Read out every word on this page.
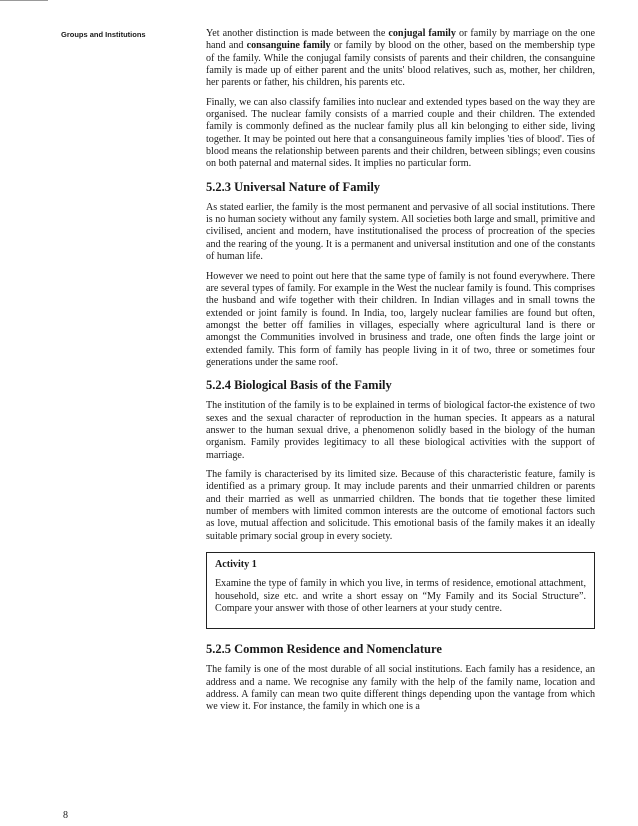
Groups and Institutions	Yet another distinction is made between the conjugal family or family by marriage on the one hand and consanguine family or family by blood on the other, based on the membership type of the family. While the conjugal family consists of parents and their children, the consanguine family is made up of either parent and the units' blood relatives, such as, mother, her children, her parents or father, his children, his parents etc.

Finally, we can also classify families into nuclear and extended types based on the way they are organised. The nuclear family consists of a married couple and their children. The extended family is commonly defined as the nuclear family plus all kin belonging to either side, living together. It may be pointed out here that a consanguineous family implies 'ties of blood'. Ties of blood means the relationship between parents and their children, between siblings; even cousins on both paternal and maternal sides. It implies no particular form.

5.2.3 Universal Nature of Family

As stated earlier, the family is the most permanent and pervasive of all social institutions. There is no human society without any family system. All societies both large and small, primitive and civilised, ancient and modern, have institutionalised the process of procreation of the species and the rearing of the young. It is a permanent and universal institution and one of the constants of human life.

However we need to point out here that the same type of family is not found everywhere. There are several types of family. For example in the West the nuclear family is found. This comprises the husband and wife together with their children. In Indian villages and in small towns the extended or joint family is found. In India, too, largely nuclear families are found but often, amongst the better off families in villages, especially where agricultural land is there or amongst the Communities involved in brusiness and trade, one often finds the large joint or extended family. This form of family has people living in it of two, three or sometimes four generations under the same roof.

5.2.4 Biological Basis of the Family

The institution of the family is to be explained in terms of biological factor-the existence of two sexes and the sexual character of reproduction in the human species. It appears as a natural answer to the human sexual drive, a phenomenon solidly based in the biology of the human organism. Family provides legitimacy to all these biological activities with the support of marriage.

The family is characterised by its limited size. Because of this characteristic feature, family is identified as a primary group. It may include parents and their unmarried children or parents and their married as well as unmarried children. The bonds that tie together these limited number of members with limited common interests are the outcome of emotional factors such as love, mutual affection and solicitude. This emotional basis of the family makes it an ideally suitable primary social group in every society.

Activity 1

Examine the type of family in which you live, in terms of residence, emotional attachment, household, size etc. and write a short essay on “My Family and its Social Structure”. Compare your answer with those of other learners at your study centre.

5.2.5 Common Residence and Nomenclature

The family is one of the most durable of all social institutions. Each family has a residence, an address and a name. We recognise any family with the help of the family name, location and address. A family can mean two quite different things depending upon the vantage from which we view it. For instance, the family in which one is a

8
